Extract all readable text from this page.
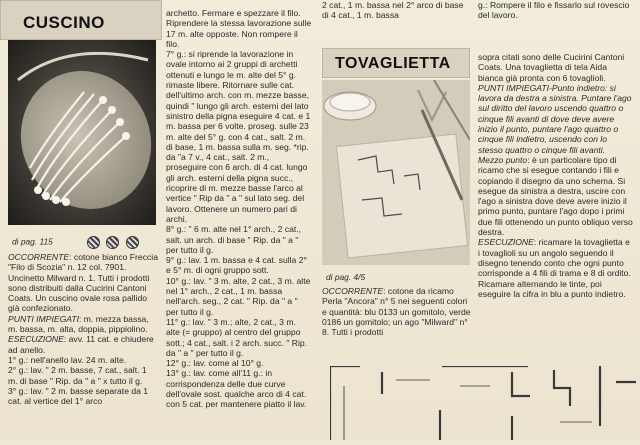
CUSCINO
di pag. 115

OCCORRENTE: cotone bianco Freccia "Filo di Scozia" n. 12 col. 7901. Uncinetto Milward n. 1. Tutti i prodotti sono distribuiti dalla Cucirini Cantoni Coats. Un cuscino ovale rosa pallido già confezionato.

PUNTI IMPIEGATI: m. mezza bassa, m. bassa, m. alta, doppia, pippiolino.

ESECUZIONE: avv. 11 cat. e chiudere ad anello.

1° g.: nell'anello lav. 24 m. alte.

2° g.: lav. " 2 m. basse, 7 cat., salt. 1 m. di base " Rip. da " a " x tutto il g.

3° g.: lav. " 2 m. basse separate da 1 cat. al vertice del 1° arco

archetto. Fermare e spezzare il filo.

Riprendere la stessa lavorazione sulle 17 m. alte opposte. Non rompere il filo.

7° g.: si riprende la lavorazione in ovale intorno ai 2 gruppi di archetti ottenuti e lungo le m. alte del 5° g. rimaste libere. Ritornare sulle cat. dell'ultimo arch. con m. mezze basse, quindi " lungo gli arch. esterni del lato sinistro della pigna eseguire 4 cat. e 1 m. bassa per 6 volte. proseg. sulle 23 m. alte del 5° g. con 4 cat., salt. 2 m. di base, 1 m. bassa sulla m. seg. *rip. da "a 7 v., 4 cat., salt. 2 m., proseguire con 6 arch. di 4 cat. lungo gli arch. esterni della pigna succ., ricoprire di m. mezze basse l'arco al vertice " Rip da " a " sul lato seg. del lavoro. Ottenere un numero pari di archi.

8° g.: " 6 m. alte nel 1° arch., 2 cat., salt. un arch. di base " Rip. da " a " per tutto il g.

9° g.: lav. 1 m. bassa e 4 cat. sulla 2° e 5° m. di ogni gruppo sott.

10° g.: lav. " 3 m. alte, 2 cat., 3 m. alte nel 1° arch., 2 cat., 1 m. bassa nell'arch. seg., 2 cat. " Rip. da " a " per tutto il g.

11° g.: lav. " 3 m.; alte, 2 cat., 3 m. alte (= gruppo) al centro del gruppo sott.; 4 cat., salt. i 2 arch. succ. " Rip. da " a " per tutto il g.

12° g.: lav. come al 10° g.

13° g.: lav. come all'11 g.: in corrispondenza delle due curve dell'ovale sost. qualche arco di 4 cat. con 5 cat. per mantenere piatto il lav.

2 cat., 1 m. bassa nel 2° arco di base di 4 cat., 1 m. bassa

g.: Rompere il filo e fissarlo sul rovescio del lavoro.

TOVAGLIETTA
di pag. 4/5

OCCORRENTE: cotone da ricamo Perla "Ancora" n° 5 nei seguenti colori e quantità: blu 0133 un gomitolo, verde 0186 un gomitolo; un ago "Milward" n° 8. Tutti i prodotti

sopra citati sono delle Cucirini Cantoni Coats. Una tovaglietta di tela Aida bianca già pronta con 6 tovaglioli.

PUNTI IMPIEGATI-Punto indietro: si lavora da destra a sinistra. Puntare l'ago sul diritto del lavoro uscendo quattro o cinque fili avanti di dove deve avere inizio il punto, puntare l'ago quattro o cinque fili indietro, uscendo con lo stesso quattro o cinque fili avanti.

Mezzo punto: è un particolare tipo di ricamo che si esegue contando i fili e copiando il disegno da uno schema. Si esegue da sinistra a destra, uscire con l'ago a sinistra dove deve avere inizio il primo punto, puntare l'ago dopo i primi due fili ottenendo un punto obliquo verso destra.

ESECUZIONE: ricamare la tovaglietta e i tovaglioli su un angolo seguendo il disegno tenendo conto che ogni punto corrisponde a 4 fili di trama e 8 di ordito. Ricamare alternando le tinte, poi eseguire la cifra in blu a punto indietro.
